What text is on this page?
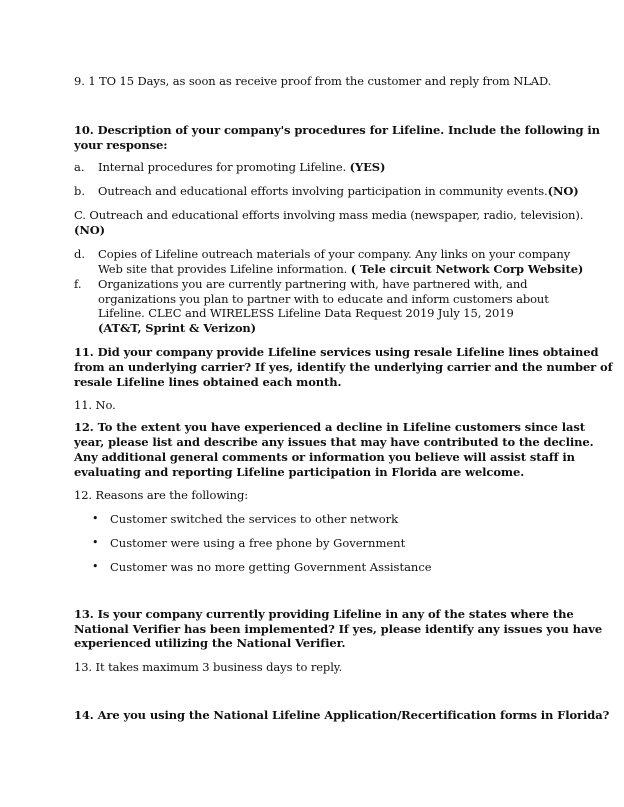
9. 1 TO 15 Days, as soon as receive proof from the customer and reply from NLAD.
10. Description of your company's procedures for Lifeline. Include the following in
your response:
a. Internal procedures for promoting Lifeline. (YES)
b. Outreach and educational efforts involving participation in community events.(NO)
C. Outreach and educational efforts involving mass media (newspaper, radio, television).
(NO)
d. Copies of Lifeline outreach materials of your company. Any links on your company
Web site that provides Lifeline information. ( Tele circuit Network Corp Website)
f. Organizations you are currently partnering with, have partnered with, and
organizations you plan to partner with to educate and inform customers about
Lifeline. CLEC and WIRELESS Lifeline Data Request 2019 July 15, 2019
(AT&T, Sprint & Verizon)
11. Did your company provide Lifeline services using resale Lifeline lines obtained
from an underlying carrier? If yes, identify the underlying carrier and the number of
resale Lifeline lines obtained each month.
11. No.
12. To the extent you have experienced a decline in Lifeline customers since last
year, please list and describe any issues that may have contributed to the decline.
Any additional general comments or information you believe will assist staff in
evaluating and reporting Lifeline participation in Florida are welcome.
12. Reasons are the following:
• Customer switched the services to other network
• Customer were using a free phone by Government
• Customer was no more getting Government Assistance
13. Is your company currently providing Lifeline in any of the states where the
National Verifier has been implemented? If yes, please identify any issues you have
experienced utilizing the National Verifier.
13. It takes maximum 3 business days to reply.
14. Are you using the National Lifeline Application/Recertification forms in Florida?
